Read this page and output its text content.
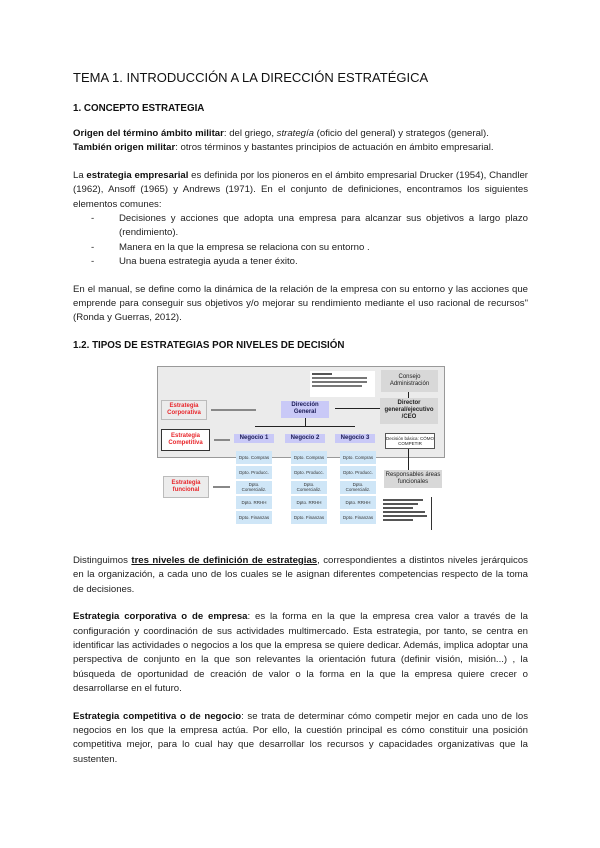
TEMA 1. INTRODUCCIÓN A LA DIRECCIÓN ESTRATÉGICA
1. CONCEPTO ESTRATEGIA

Origen del término ámbito militar: del griego, strategía (oficio del general) y strategos (general).

También origen militar: otros términos y bastantes principios de actuación en ámbito empresarial.

La estrategia empresarial es definida por los pioneros en el ámbito empresarial Drucker (1954), Chandler (1962), Ansoff (1965) y Andrews (1971). En el conjunto de definiciones, encontramos los siguientes elementos comunes:

- Decisiones y acciones que adopta una empresa para alcanzar sus objetivos a largo plazo (rendimiento).
- Manera en la que la empresa se relaciona con su entorno .
- Una buena estrategia ayuda a tener éxito.
En el manual, se define como la dinámica de la relación de la empresa con su entorno y las acciones que emprende para conseguir sus objetivos y/o mejorar su rendimiento mediante el uso racional de recursos" (Ronda y Guerras, 2012).
1.2. TIPOS DE ESTRATEGIAS POR NIVELES DE DECISIÓN
Estrategia Corporativa
Estrategia Competitiva
Estrategia funcional
Dirección General
Consejo Administración
Director general/ejecutivo /CEO
Negocio 1	Negocio 2	Negocio 3	Decisión básica: CÓMO COMPETIR
Responsables áreas funcionales
Dpto. Compras
Dpto. Producc.
Dpto. Comercializ.
Dpto. RRHH
Dpto. Finanzas
Dpto. Compras
Dpto. Producc.
Dpto. Comercializ.
Dpto. RRHH
Dpto. Finanzas
Dpto. Compras
Dpto. Producc.
Dpto. Comercializ.
Dpto. RRHH
Dpto. Finanzas
Distinguimos tres niveles de definición de estrategias, correspondientes a distintos niveles jerárquicos en la organización, a cada uno de los cuales se le asignan diferentes competencias respecto de la toma de decisiones.
Estrategia corporativa o de empresa: es la forma en la que la empresa crea valor a través de la configuración y coordinación de sus actividades multimercado. Esta estrategia, por tanto, se centra en identificar las actividades o negocios a los que la empresa se quiere dedicar. Además, implica adoptar una perspectiva de conjunto en la que son relevantes la orientación futura (definir visión, misión...) , la búsqueda de oportunidad de creación de valor o la forma en la que la empresa quiere crecer o desarrollarse en el futuro.
Estrategia competitiva o de negocio: se trata de determinar cómo competir mejor en cada uno de los negocios en los que la empresa actúa. Por ello, la cuestión principal es cómo constituir una posición competitiva mejor, para lo cual hay que desarrollar los recursos y capacidades organizativas que la sustenten.
